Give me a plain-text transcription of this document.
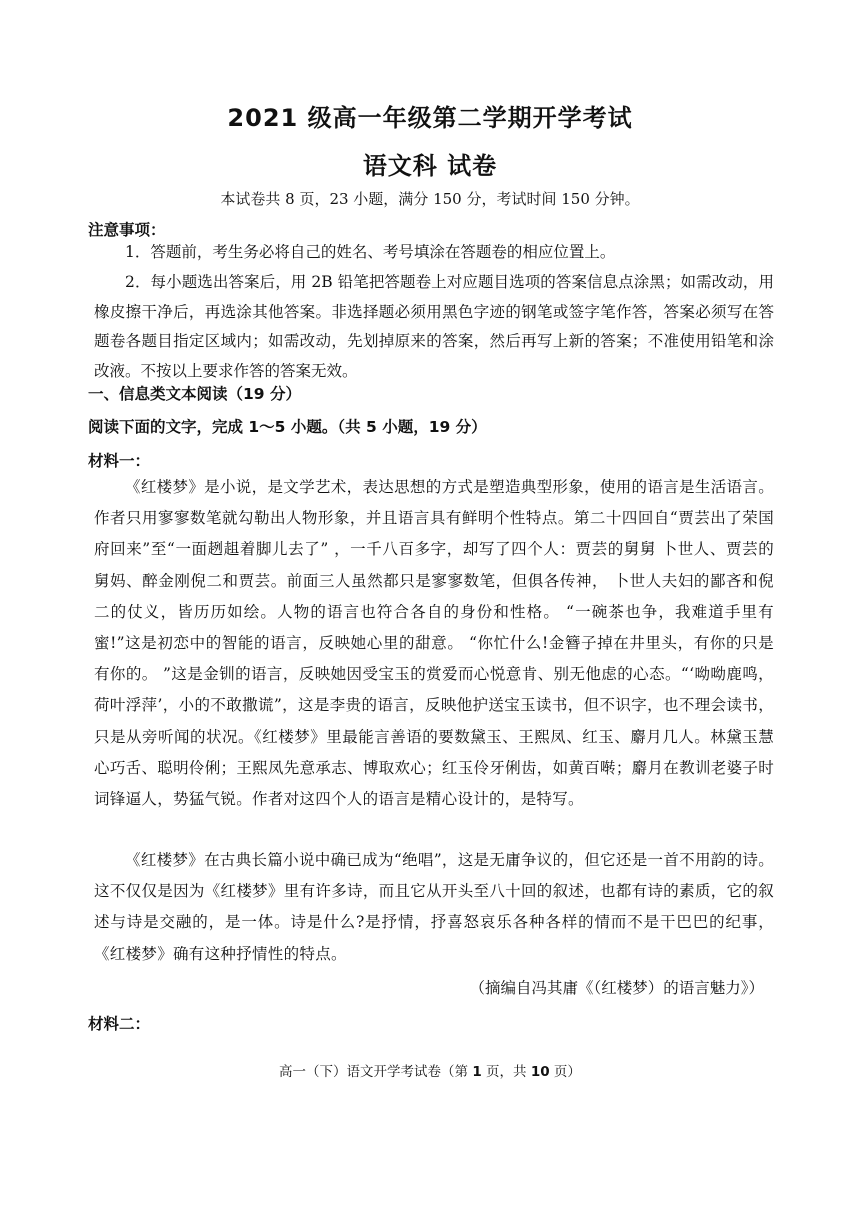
2021 级高一年级第二学期开学考试
语文科 试卷
本试卷共 8 页，23 小题，满分 150 分，考试时间 150 分钟。
注意事项：
1．答题前，考生务必将自己的姓名、考号填涂在答题卷的相应位置上。
2．每小题选出答案后，用 2B 铅笔把答题卷上对应题目选项的答案信息点涂黑；如需改动，用橡皮擦干净后，再选涂其他答案。非选择题必须用黑色字迹的钢笔或签字笔作答，答案必须写在答题卷各题目指定区域内；如需改动，先划掉原来的答案，然后再写上新的答案；不准使用铅笔和涂改液。不按以上要求作答的答案无效。
一、信息类文本阅读（19 分）
阅读下面的文字，完成 1～5 小题。（共 5 小题，19 分）
材料一：
《红楼梦》是小说，是文学艺术，表达思想的方式是塑造典型形象，使用的语言是生活语言。作者只用寥寥数笔就勾勒出人物形象，并且语言具有鲜明个性特点。第二十四回自“贾芸出了荣国府回来”至“一面趔趄着脚儿去了” ，一千八百多字，却写了四个人：贾芸的舅舅 卜世人、贾芸的舅妈、醉金刚倪二和贾芸。前面三人虽然都只是寥寥数笔，但俱各传神， 卜世人夫妇的鄙吝和倪二的仗义，皆历历如绘。人物的语言也符合各自的身份和性格。 “一碗茶也争，我难道手里有蜜!”这是初恋中的智能的语言，反映她心里的甜意。 “你忙什么!金簪子掉在井里头，有你的只是有你的。 ”这是金钏的语言，反映她因受宝玉的赏爱而心悦意肯、别无他虑的心态。“‘呦呦鹿鸣，荷叶浮萍’，小的不敢撒谎”，这是李贵的语言，反映他护送宝玉读书，但不识字，也不理会读书，只是从旁听闻的状况。《红楼梦》里最能言善语的要数黛玉、王熙凤、红玉、麝月几人。林黛玉慧心巧舌、聪明伶俐；王熙凤先意承志、博取欢心；红玉伶牙俐齿，如黄百啭；麝月在教训老婆子时词锋逼人，势猛气锐。作者对这四个人的语言是精心设计的，是特写。
《红楼梦》在古典长篇小说中确已成为“绝唱”，这是无庸争议的，但它还是一首不用韵的诗。这不仅仅是因为《红楼梦》里有许多诗，而且它从开头至八十回的叙述，也都有诗的素质，它的叙述与诗是交融的，是一体。诗是什么?是抒情，抒喜怒哀乐各种各样的情而不是干巴巴的纪事， 《红楼梦》确有这种抒情性的特点。
（摘编自冯其庸《（红楼梦）的语言魅力》）
材料二：
高一（下）语文开学考试卷（第 1 页，共 10 页）
